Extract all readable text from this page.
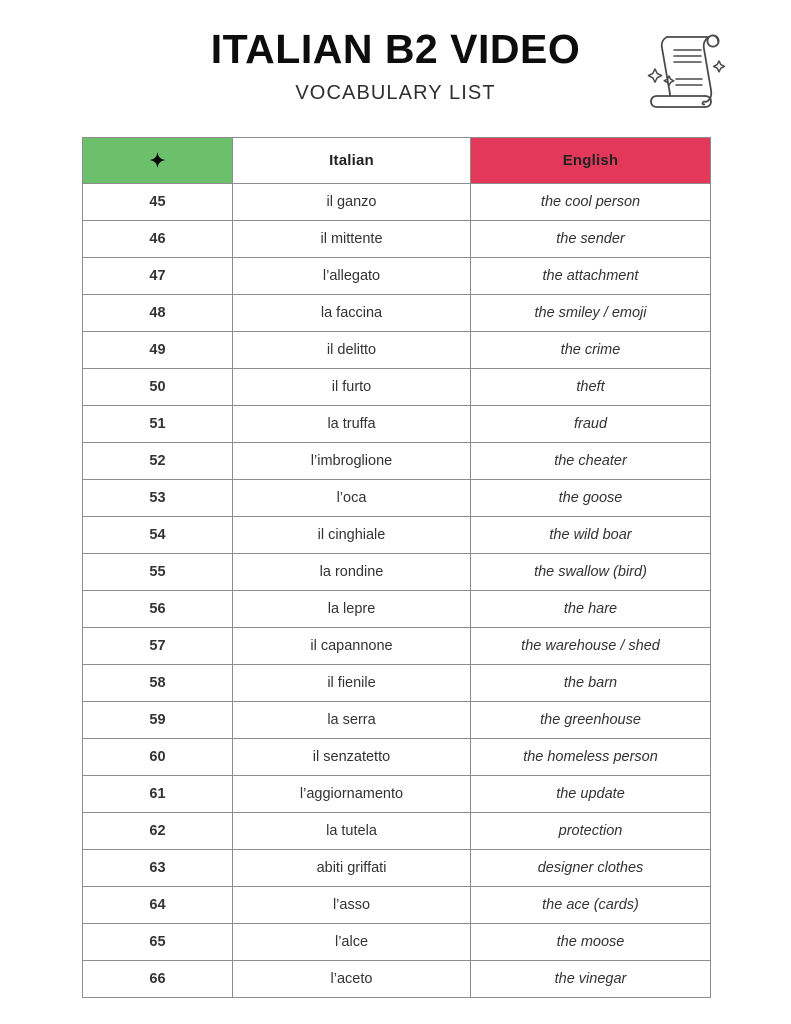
ITALIAN B2 VIDEO
VOCABULARY LIST
✦	Italian	English
45	il ganzo	the cool person
46	il mittente	the sender
47	l’allegato	the attachment
48	la faccina	the smiley / emoji
49	il delitto	the crime
50	il furto	theft
51	la truffa	fraud
52	l’imbroglione	the cheater
53	l’oca	the goose
54	il cinghiale	the wild boar
55	la rondine	the swallow (bird)
56	la lepre	the hare
57	il capannone	the warehouse / shed
58	il fienile	the barn
59	la serra	the greenhouse
60	il senzatetto	the homeless person
61	l’aggiornamento	the update
62	la tutela	protection
63	abiti griffati	designer clothes
64	l’asso	the ace (cards)
65	l’alce	the moose
66	l’aceto	the vinegar
